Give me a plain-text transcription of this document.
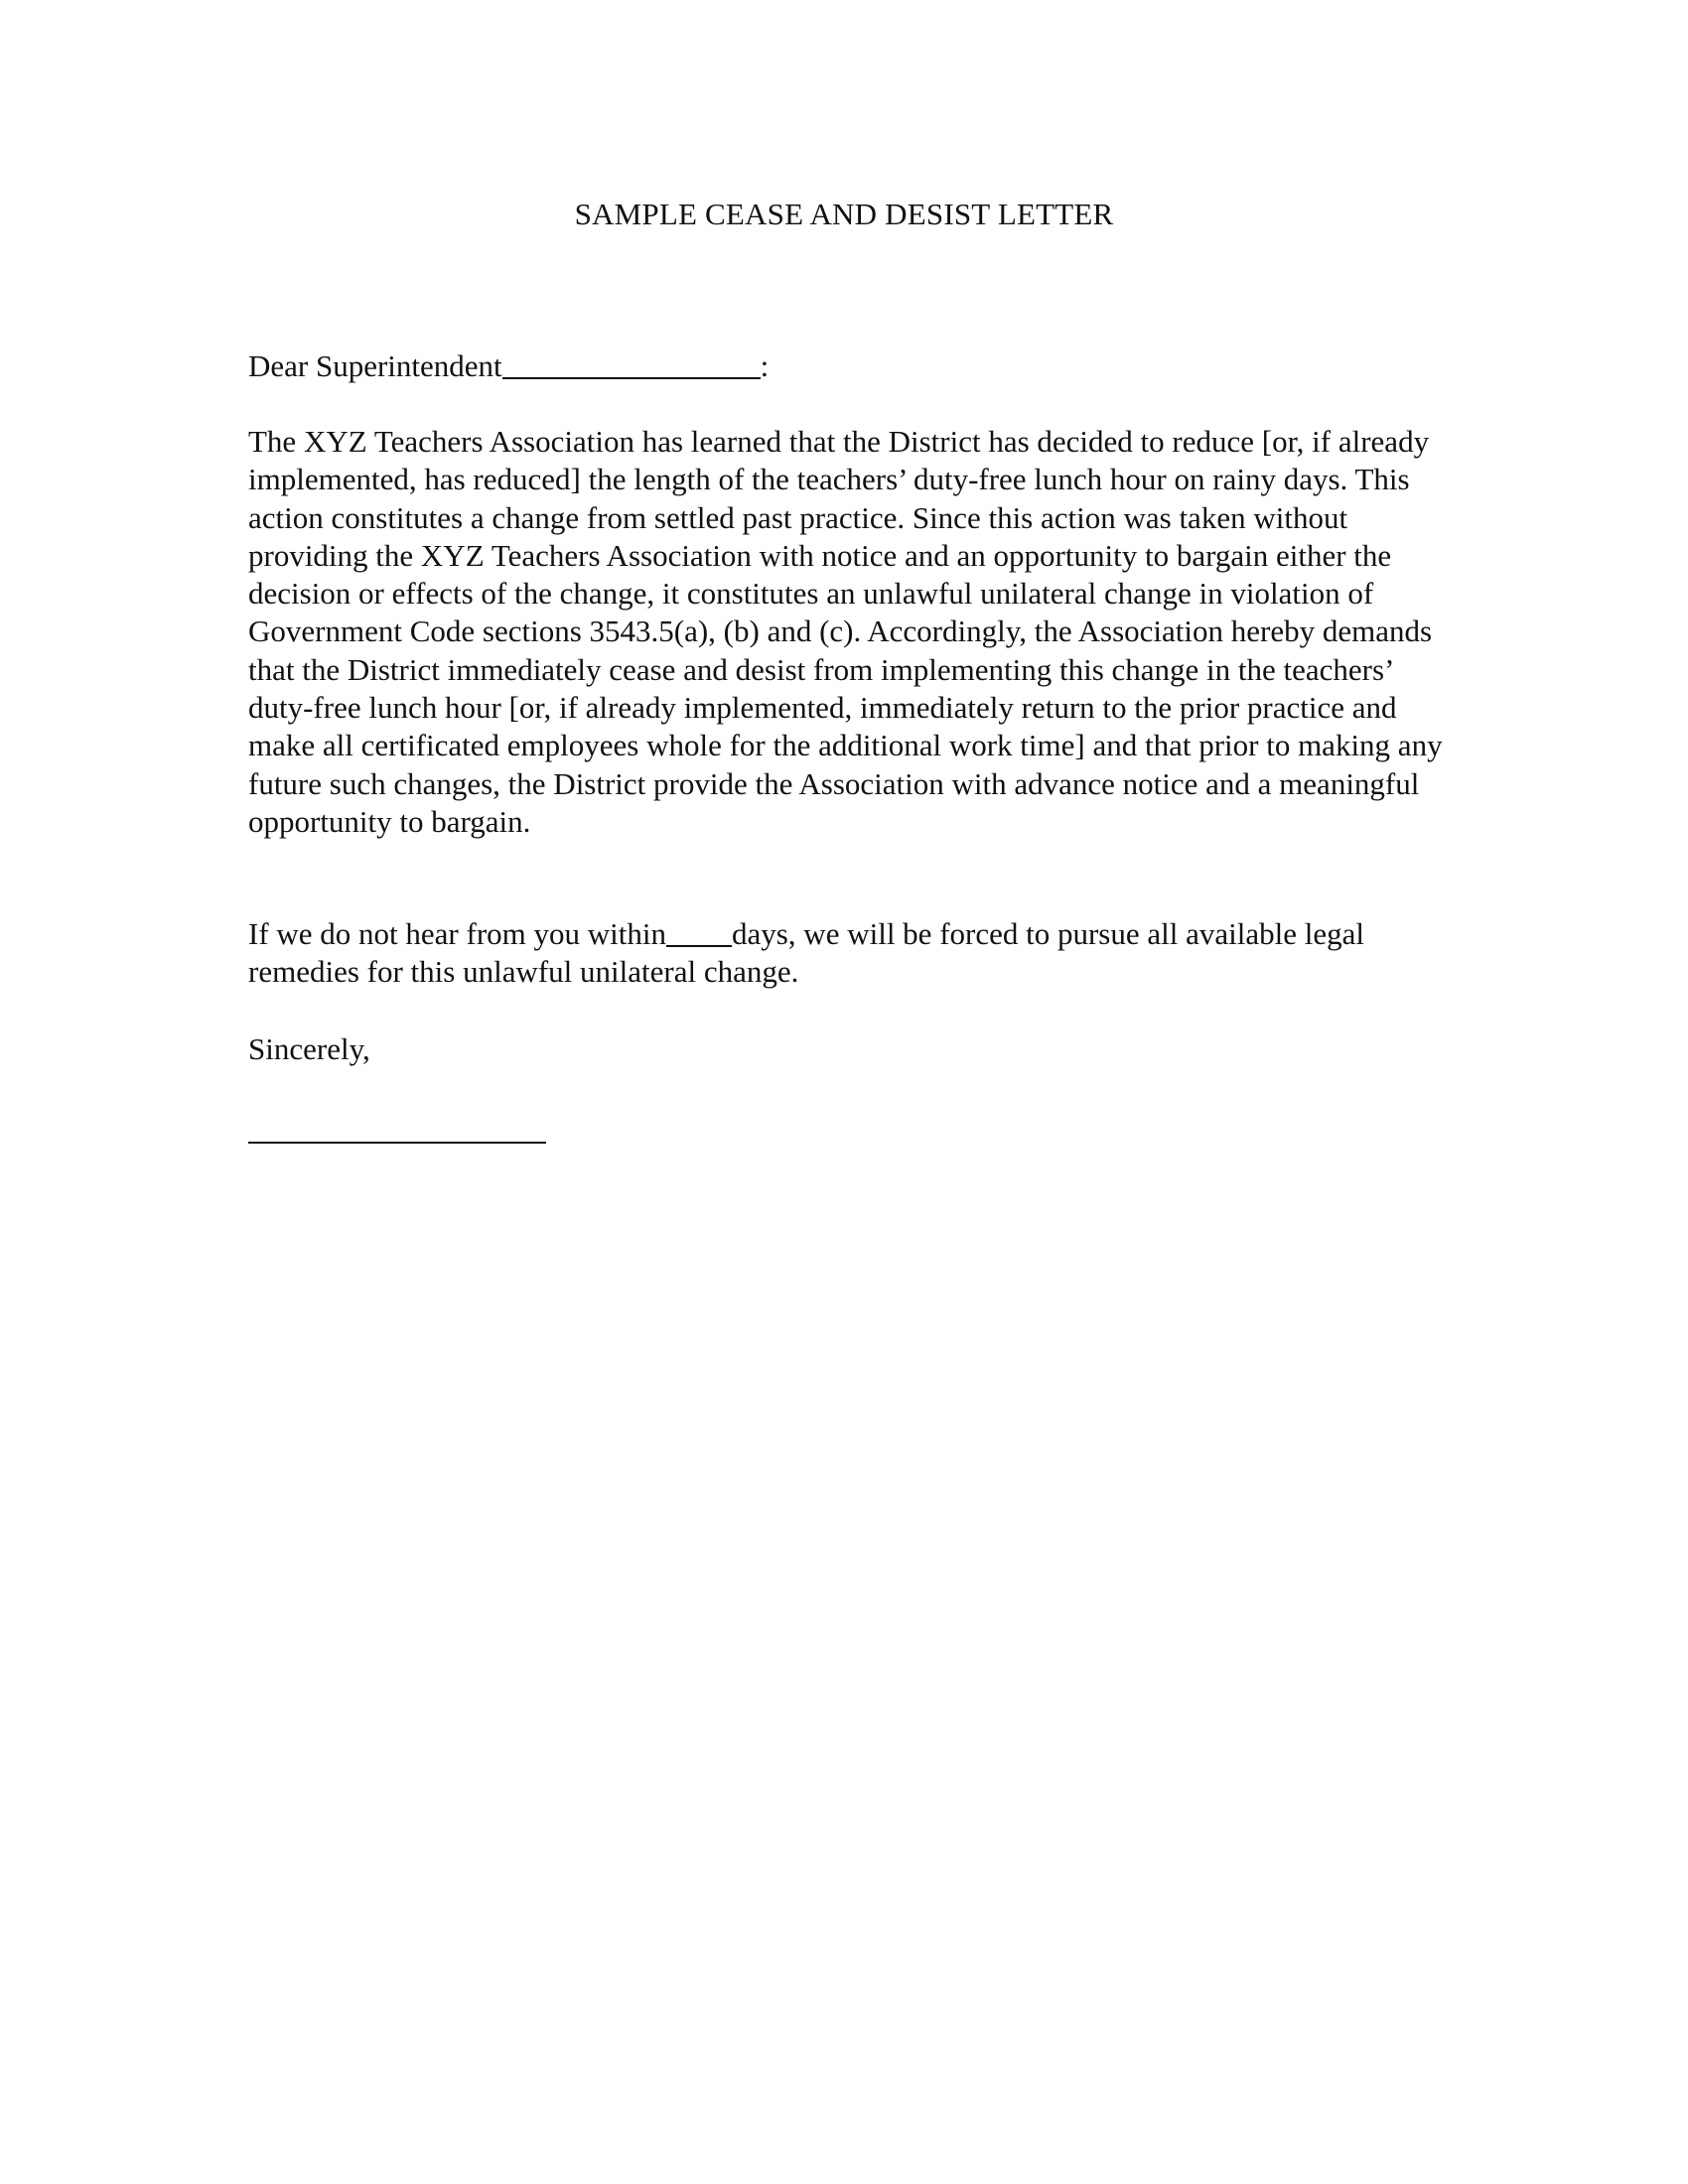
SAMPLE CEASE AND DESIST LETTER
Dear Superintendent	:
The XYZ Teachers Association has learned that the District has decided to reduce [or, if already implemented, has reduced] the length of the teachers’ duty-free lunch hour on rainy days. This action constitutes a change from settled past practice. Since this action was taken without providing the XYZ Teachers Association with notice and an opportunity to bargain either the decision or effects of the change, it constitutes an unlawful unilateral change in violation of Government Code sections 3543.5(a), (b) and (c). Accordingly, the Association hereby demands that the District immediately cease and desist from implementing this change in the teachers’ duty-free lunch hour [or, if already implemented, immediately return to the prior practice and make all certificated employees whole for the additional work time] and that prior to making any future such changes, the District provide the Association with advance notice and a meaningful opportunity to bargain.
If we do not hear from you within days, we will be forced to pursue all available legal remedies for this unlawful unilateral change.
Sincerely,
